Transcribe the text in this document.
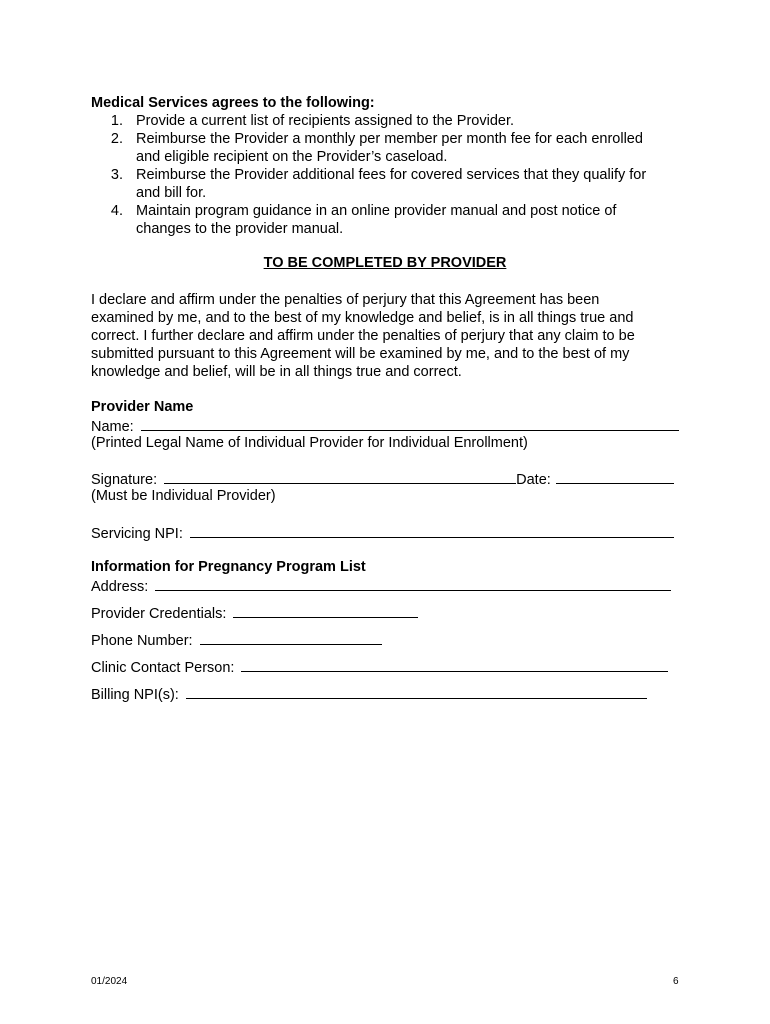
Medical Services agrees to the following:
1. Provide a current list of recipients assigned to the Provider.
2. Reimburse the Provider a monthly per member per month fee for each enrolled
and eligible recipient on the Provider’s caseload.
3. Reimburse the Provider additional fees for covered services that they qualify for
and bill for.
4. Maintain program guidance in an online provider manual and post notice of
changes to the provider manual.
TO BE COMPLETED BY PROVIDER
I declare and affirm under the penalties of perjury that this Agreement has been
examined by me, and to the best of my knowledge and belief, is in all things true and
correct. I further declare and affirm under the penalties of perjury that any claim to be
submitted pursuant to this Agreement will be examined by me, and to the best of my
knowledge and belief, will be in all things true and correct.
Provider Name
Name:
(Printed Legal Name of Individual Provider for Individual Enrollment)
Signature:	Date:
(Must be Individual Provider)
Servicing NPI:
Information for Pregnancy Program List
Address:
Provider Credentials:
Phone Number:
Clinic Contact Person:
Billing NPI(s):
01/2024	6
